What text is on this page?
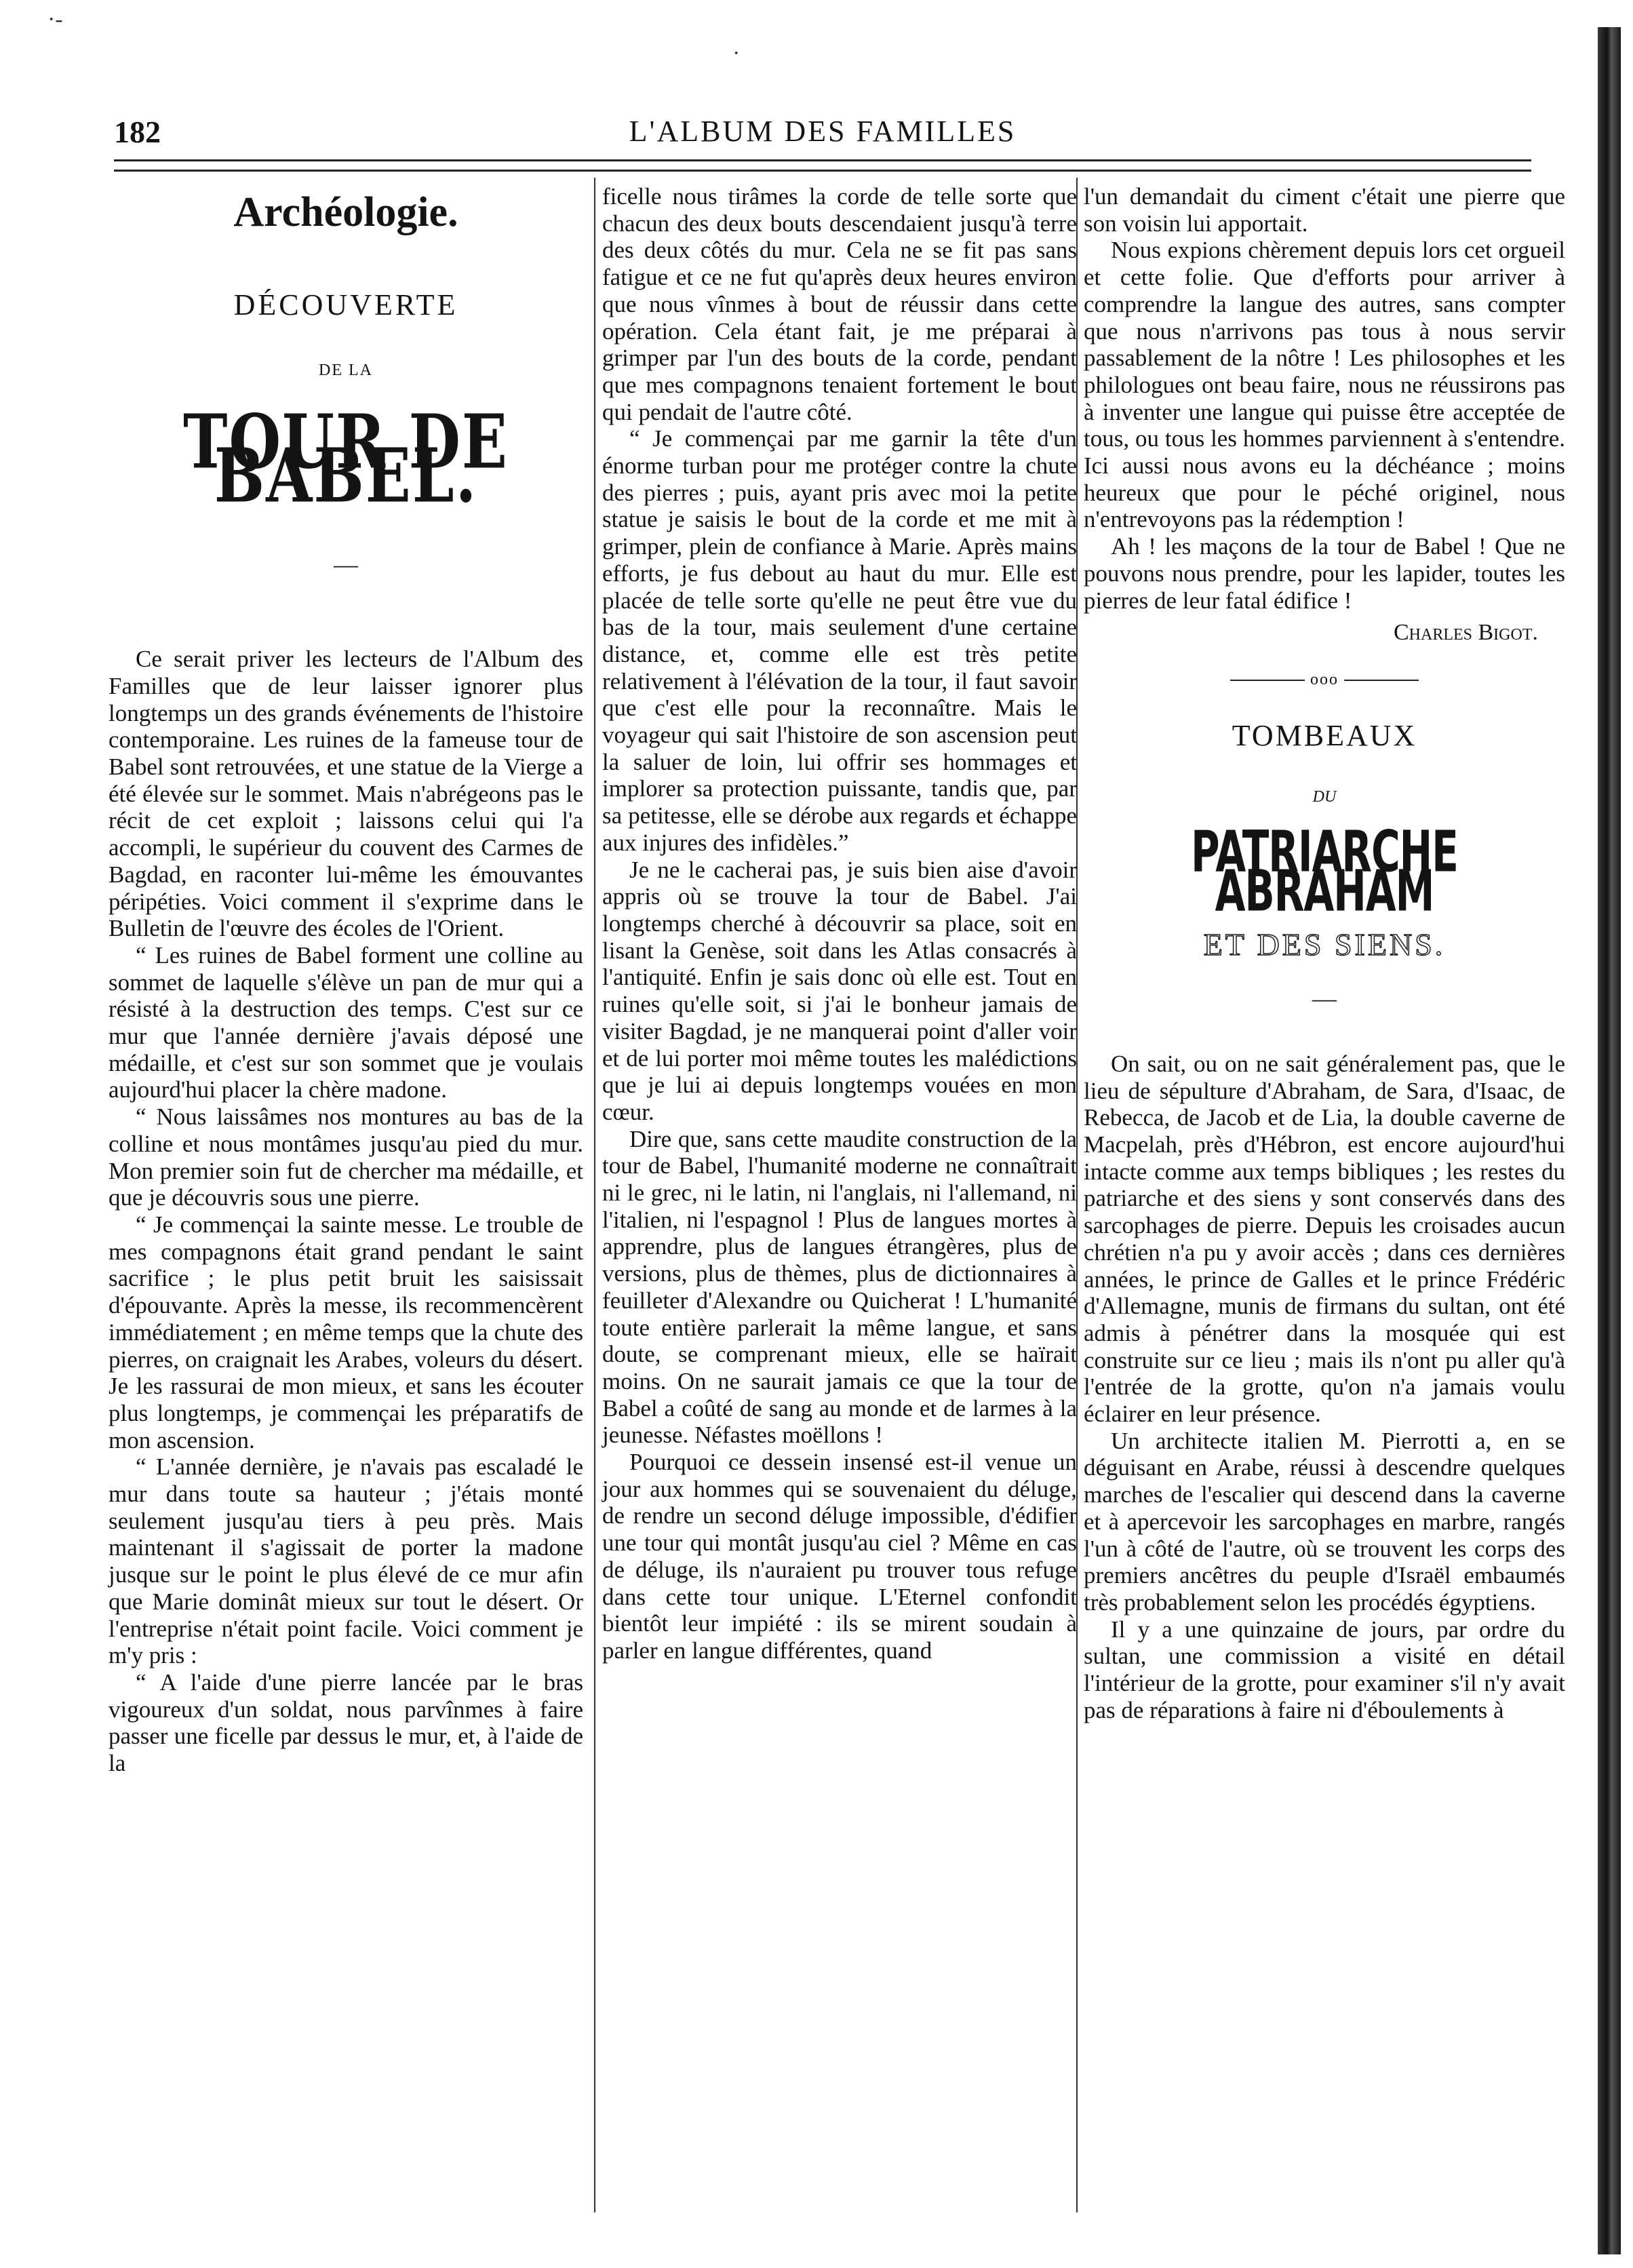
·-
·
182	L'ALBUM DES FAMILLES
Archéologie.
DÉCOUVERTE
DE LA
TOUR DE BABEL.
—

Ce serait priver les lecteurs de l'Album des Familles que de leur laisser ignorer plus longtemps un des grands événements de l'histoire contemporaine. Les ruines de la fameuse tour de Babel sont retrouvées, et une statue de la Vierge a été élevée sur le sommet. Mais n'abrégeons pas le récit de cet exploit ; laissons celui qui l'a accompli, le supérieur du couvent des Carmes de Bagdad, en raconter lui-même les émouvantes péripéties. Voici comment il s'exprime dans le Bulletin de l'œuvre des écoles de l'Orient.

“ Les ruines de Babel forment une colline au sommet de laquelle s'élève un pan de mur qui a résisté à la destruction des temps. C'est sur ce mur que l'année dernière j'avais déposé une médaille, et c'est sur son sommet que je voulais aujourd'hui placer la chère madone.

“ Nous laissâmes nos montures au bas de la colline et nous montâmes jusqu'au pied du mur. Mon premier soin fut de chercher ma médaille, et que je découvris sous une pierre.

“ Je commençai la sainte messe. Le trouble de mes compagnons était grand pendant le saint sacrifice ; le plus petit bruit les saisissait d'épouvante. Après la messe, ils recommencèrent immédiatement ; en même temps que la chute des pierres, on craignait les Arabes, voleurs du désert. Je les rassurai de mon mieux, et sans les écouter plus longtemps, je commençai les préparatifs de mon ascension.

“ L'année dernière, je n'avais pas escaladé le mur dans toute sa hauteur ; j'étais monté seulement jusqu'au tiers à peu près. Mais maintenant il s'agissait de porter la madone jusque sur le point le plus élevé de ce mur afin que Marie dominât mieux sur tout le désert. Or l'entreprise n'était point facile. Voici comment je m'y pris :

“ A l'aide d'une pierre lancée par le bras vigoureux d'un soldat, nous parvînmes à faire passer une ficelle par dessus le mur, et, à l'aide de la

ficelle nous tirâmes la corde de telle sorte que chacun des deux bouts descendaient jusqu'à terre des deux côtés du mur. Cela ne se fit pas sans fatigue et ce ne fut qu'après deux heures environ que nous vînmes à bout de réussir dans cette opération. Cela étant fait, je me préparai à grimper par l'un des bouts de la corde, pendant que mes compagnons tenaient fortement le bout qui pendait de l'autre côté.

“ Je commençai par me garnir la tête d'un énorme turban pour me protéger contre la chute des pierres ; puis, ayant pris avec moi la petite statue je saisis le bout de la corde et me mit à grimper, plein de confiance à Marie. Après mains efforts, je fus debout au haut du mur. Elle est placée de telle sorte qu'elle ne peut être vue du bas de la tour, mais seulement d'une certaine distance, et, comme elle est très petite relativement à l'élévation de la tour, il faut savoir que c'est elle pour la reconnaître. Mais le voyageur qui sait l'histoire de son ascension peut la saluer de loin, lui offrir ses hommages et implorer sa protection puissante, tandis que, par sa petitesse, elle se dérobe aux regards et échappe aux injures des infidèles.”

Je ne le cacherai pas, je suis bien aise d'avoir appris où se trouve la tour de Babel. J'ai longtemps cherché à découvrir sa place, soit en lisant la Genèse, soit dans les Atlas consacrés à l'antiquité. Enfin je sais donc où elle est. Tout en ruines qu'elle soit, si j'ai le bonheur jamais de visiter Bagdad, je ne manquerai point d'aller voir et de lui porter moi même toutes les malédictions que je lui ai depuis longtemps vouées en mon cœur.

Dire que, sans cette maudite construction de la tour de Babel, l'humanité moderne ne connaîtrait ni le grec, ni le latin, ni l'anglais, ni l'allemand, ni l'italien, ni l'espagnol ! Plus de langues mortes à apprendre, plus de langues étrangères, plus de versions, plus de thèmes, plus de dictionnaires à feuilleter d'Alexandre ou Quicherat ! L'humanité toute entière parlerait la même langue, et sans doute, se comprenant mieux, elle se haïrait moins. On ne saurait jamais ce que la tour de Babel a coûté de sang au monde et de larmes à la jeunesse. Néfastes moëllons !

Pourquoi ce dessein insensé est-il venue un jour aux hommes qui se souvenaient du déluge, de rendre un second déluge impossible, d'édifier une tour qui montât jusqu'au ciel ? Même en cas de déluge, ils n'auraient pu trouver tous refuge dans cette tour unique. L'Eternel confondit bientôt leur impiété : ils se mirent soudain à parler en langue différentes, quand

l'un demandait du ciment c'était une pierre que son voisin lui apportait.

Nous expions chèrement depuis lors cet orgueil et cette folie. Que d'efforts pour arriver à comprendre la langue des autres, sans compter que nous n'arrivons pas tous à nous servir passablement de la nôtre ! Les philosophes et les philologues ont beau faire, nous ne réussirons pas à inventer une langue qui puisse être acceptée de tous, ou tous les hommes parviennent à s'entendre. Ici aussi nous avons eu la déchéance ; moins heureux que pour le péché originel, nous n'entrevoyons pas la rédemption !

Ah ! les maçons de la tour de Babel ! Que ne pouvons nous prendre, pour les lapider, toutes les pierres de leur fatal édifice !

Charles Bigot.
ooo
TOMBEAUX
DU
PATRIARCHE ABRAHAM
ET DES SIENS.
—

On sait, ou on ne sait généralement pas, que le lieu de sépulture d'Abraham, de Sara, d'Isaac, de Rebecca, de Jacob et de Lia, la double caverne de Macpelah, près d'Hébron, est encore aujourd'hui intacte comme aux temps bibliques ; les restes du patriarche et des siens y sont conservés dans des sarcophages de pierre. Depuis les croisades aucun chrétien n'a pu y avoir accès ; dans ces dernières années, le prince de Galles et le prince Frédéric d'Allemagne, munis de firmans du sultan, ont été admis à pénétrer dans la mosquée qui est construite sur ce lieu ; mais ils n'ont pu aller qu'à l'entrée de la grotte, qu'on n'a jamais voulu éclairer en leur présence.

Un architecte italien M. Pierrotti a, en se déguisant en Arabe, réussi à descendre quelques marches de l'escalier qui descend dans la caverne et à apercevoir les sarcophages en marbre, rangés l'un à côté de l'autre, où se trouvent les corps des premiers ancêtres du peuple d'Israël embaumés très probablement selon les procédés égyptiens.

Il y a une quinzaine de jours, par ordre du sultan, une commission a visité en détail l'intérieur de la grotte, pour examiner s'il n'y avait pas de réparations à faire ni d'éboulements à
